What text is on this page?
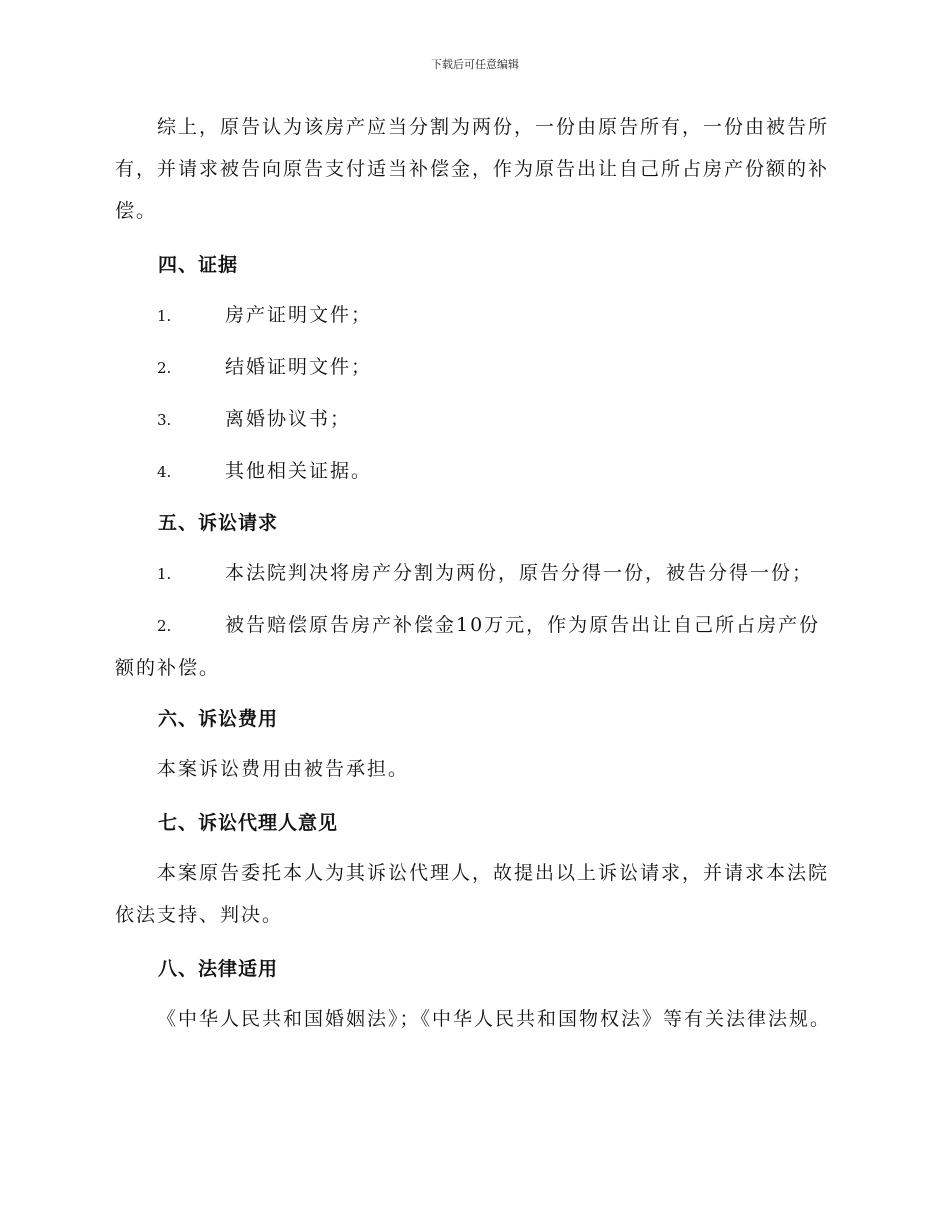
下载后可任意编辑

综上，原告认为该房产应当分割为两份，一份由原告所有，一份由被告所有，并请求被告向原告支付适当补偿金，作为原告出让自己所占房产份额的补偿。

四、证据

1.	房产证明文件；

2.	结婚证明文件；

3.	离婚协议书；

4.	其他相关证据。

五、诉讼请求

1.	本法院判决将房产分割为两份，原告分得一份，被告分得一份；

2.	被告赔偿原告房产补偿金10万元，作为原告出让自己所占房产份额的补偿。

六、诉讼费用

本案诉讼费用由被告承担。

七、诉讼代理人意见

本案原告委托本人为其诉讼代理人，故提出以上诉讼请求，并请求本法院依法支持、判决。

八、法律适用

《中华人民共和国婚姻法》；《中华人民共和国物权法》等有关法律法规。
